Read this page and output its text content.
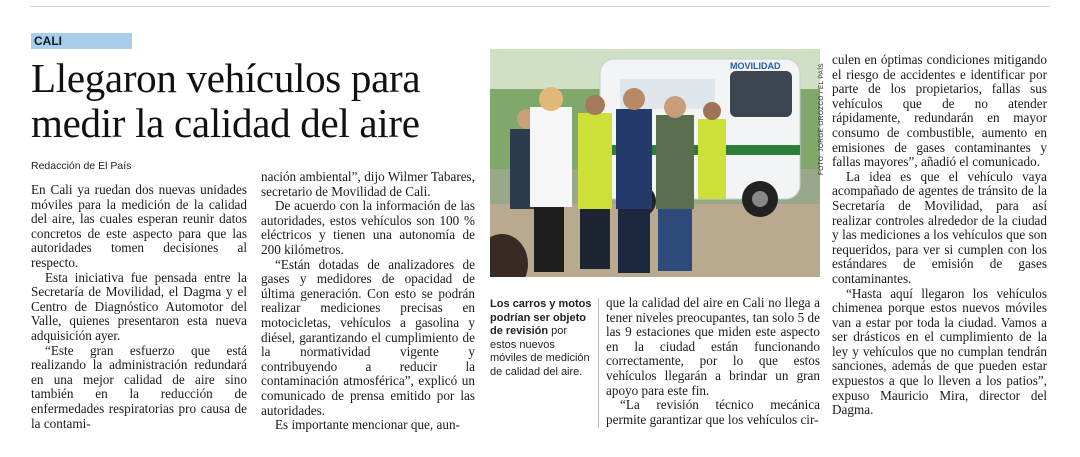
CALI
Llegaron vehículos para medir la calidad del aire
Redacción de El País

En Cali ya ruedan dos nuevas unidades móviles para la medición de la calidad del aire, las cuales esperan reunir datos concretos de este aspecto para que las autoridades tomen decisiones al respecto.

Esta iniciativa fue pensada entre la Secretaría de Movilidad, el Dagma y el Centro de Diagnóstico Automotor del Valle, quienes presentaron esta nueva adquisición ayer.

“Este gran esfuerzo que está realizando la administración redundará en una mejor calidad de aire sino también en la reducción de enfermedades respiratorias pro causa de la contami-

nación ambiental”, dijo Wilmer Tabares, secretario de Movilidad de Cali.

De acuerdo con la información de las autoridades, estos vehículos son 100 % eléctricos y tienen una autonomía de 200 kilómetros.

“Están dotadas de analizadores de gases y medidores de opacidad de última generación. Con esto se podrán realizar mediciones precisas en motocicletas, vehículos a gasolina y diésel, garantizando el cumplimiento de la normatividad vigente y contribuyendo a reducir la contaminación atmosférica”, explicó un comunicado de prensa emitido por las autoridades.

Es importante mencionar que, aun-

MOVILIDAD	FOTO: JORGE OROZCO / EL PAÍS
Los carros y motos podrían ser objeto de revisión por estos nuevos móviles de medición de calidad del aire.

que la calidad del aire en Cali no llega a tener niveles preocupantes, tan solo 5 de las 9 estaciones que miden este aspecto en la ciudad están funcionando correctamente, por lo que estos vehículos llegarán a brindar un gran apoyo para este fin.

“La revisión técnico mecánica permite garantizar que los vehículos cir-

culen en óptimas condiciones mitigando el riesgo de accidentes e identificar por parte de los propietarios, fallas sus vehículos que de no atender rápidamente, redundarán en mayor consumo de combustible, aumento en emisiones de gases contaminantes y fallas mayores”, añadió el comunicado.

La idea es que el vehículo vaya acompañado de agentes de tránsito de la Secretaría de Movilidad, para así realizar controles alrededor de la ciudad y las mediciones a los vehículos que son requeridos, para ver si cumplen con los estándares de emisión de gases contaminantes.

“Hasta aquí llegaron los vehículos chimenea porque estos nuevos móviles van a estar por toda la ciudad. Vamos a ser drásticos en el cumplimiento de la ley y vehículos que no cumplan tendrán sanciones, además de que pueden estar expuestos a que lo lleven a los patios”, expuso Mauricio Mira, director del Dagma.
